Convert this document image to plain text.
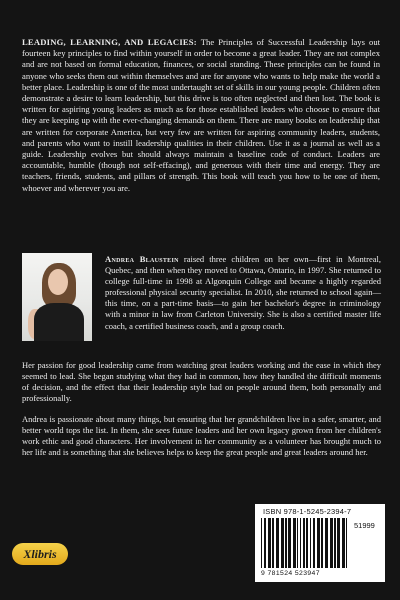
LEADING, LEARNING, AND LEGACIES: The Principles of Successful Leadership lays out fourteen key principles to find within yourself in order to become a great leader. They are not complex and are not based on formal education, finances, or social standing. These principles can be found in anyone who seeks them out within themselves and are for anyone who wants to help make the world a better place. Leadership is one of the most undertaught set of skills in our young people. Children often demonstrate a desire to learn leadership, but this drive is too often neglected and then lost. The book is written for aspiring young leaders as much as for those established leaders who choose to ensure that they are keeping up with the ever-changing demands on them. There are many books on leadership that are written for corporate America, but very few are written for aspiring community leaders, students, and parents who want to instill leadership qualities in their children. Use it as a journal as well as a guide. Leadership evolves but should always maintain a baseline code of conduct. Leaders are accountable, humble (though not self-effacing), and generous with their time and energy. They are teachers, friends, students, and pillars of strength. This book will teach you how to be one of them, whoever and wherever you are.

Andrea Blaustein raised three children on her own—first in Montreal, Quebec, and then when they moved to Ottawa, Ontario, in 1997. She returned to college full-time in 1998 at Algonquin College and became a highly regarded professional physical security specialist. In 2010, she returned to school again—this time, on a part-time basis—to gain her bachelor's degree in criminology with a minor in law from Carleton University. She is also a certified master life coach, a certified business coach, and a group coach.

Her passion for good leadership came from watching great leaders working and the ease in which they seemed to lead. She began studying what they had in common, how they handled the difficult moments of decision, and the effect that their leadership style had on people around them, both personally and professionally.

Andrea is passionate about many things, but ensuring that her grandchildren live in a safer, smarter, and better world tops the list. In them, she sees future leaders and her own legacy grown from her children's work ethic and good characters. Her involvement in her community as a volunteer has brought much to her life and is something that she believes helps to keep the great people and great leaders around her.

Xlibris
ISBN 978-1-5245-2394-7
51999
9 781524 523947
